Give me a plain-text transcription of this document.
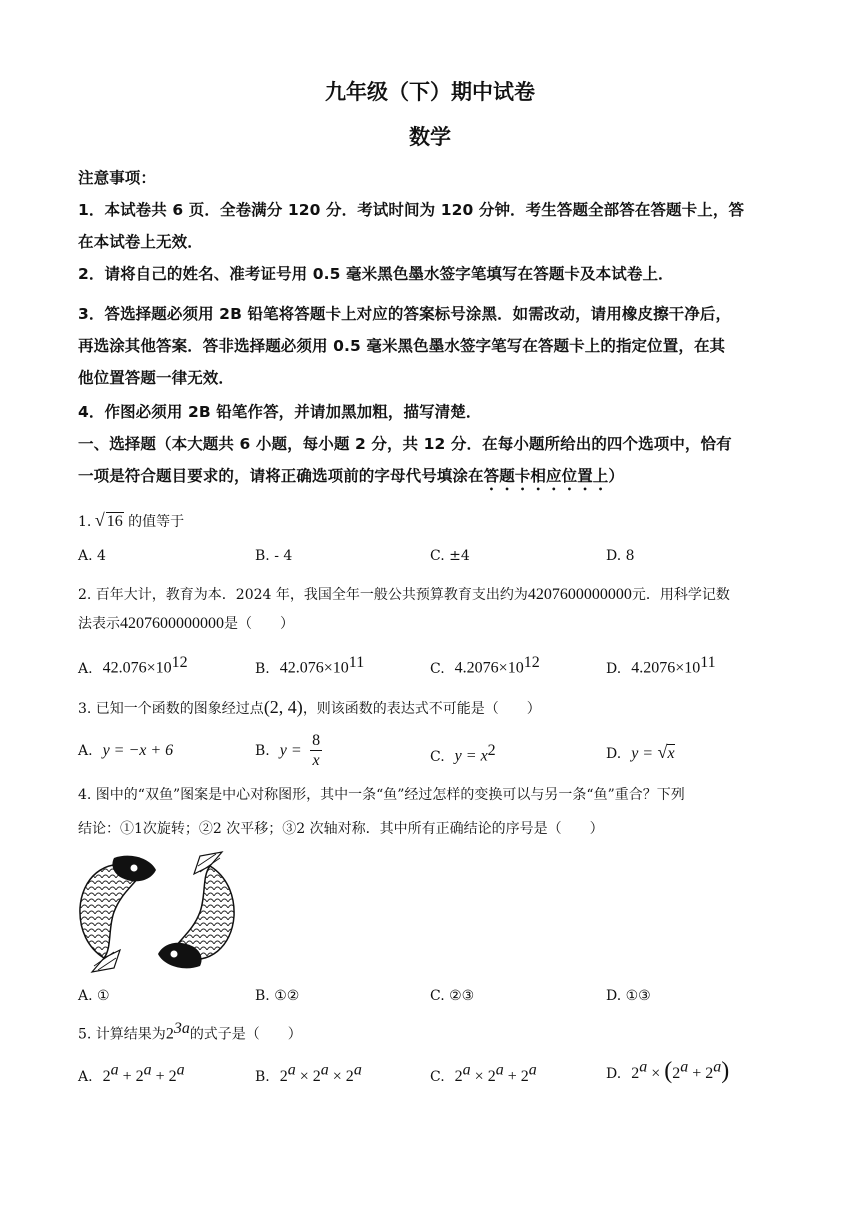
九年级（下）期中试卷
数学
注意事项：
1．本试卷共 6 页．全卷满分 120 分．考试时间为 120 分钟．考生答题全部答在答题卡上，答
在本试卷上无效．
2．请将自己的姓名、准考证号用 0.5 毫米黑色墨水签字笔填写在答题卡及本试卷上．
3．答选择题必须用 2B 铅笔将答题卡上对应的答案标号涂黑．如需改动，请用橡皮擦干净后，
再选涂其他答案．答非选择题必须用 0.5 毫米黑色墨水签字笔写在答题卡上的指定位置，在其
他位置答题一律无效．
4．作图必须用 2B 铅笔作答，并请加黑加粗，描写清楚．
一、选择题（本大题共 6 小题，每小题 2 分，共 12 分．在每小题所给出的四个选项中，恰有
一项是符合题目要求的，请将正确选项前的字母代号填涂在答题卡相应位置上）
1. √ 16 的值等于
A. 4	B. - 4	C. ±4	D. 8
2. 百年大计，教育为本．2024 年，我国全年一般公共预算教育支出约为4207600000000元．用科学记数
法表示4207600000000是（　　）
A. $42.076\times 10^{12}$	B. $42.076\times 10^{11}$	C. $4.2076\times 10^{12}$	D. $4.2076\times 10^{11}$
3. 已知一个函数的图象经过点(2, 4)，则该函数的表达式不可能是（　　）
A. y = −x + 6	B. $y = \frac{8}{x}$	C. $y = x^2$	D. y = √x
4. 图中的“双鱼”图案是中心对称图形，其中一条“鱼”经过怎样的变换可以与另一条“鱼”重合？下列
结论：①1次旋转；②2 次平移；③2 次轴对称．其中所有正确结论的序号是（　　）
A. ①	B. ①②	C. ②③	D. ①③
5. 计算结果为$2^{3a}$的式子是（　　）
A. $2^a + 2^a + 2^a$	B. $2^a \times 2^a \times 2^a$	C. $2^a \times 2^a + 2^a$	D. $2^a \times (2^a + 2^a)$
